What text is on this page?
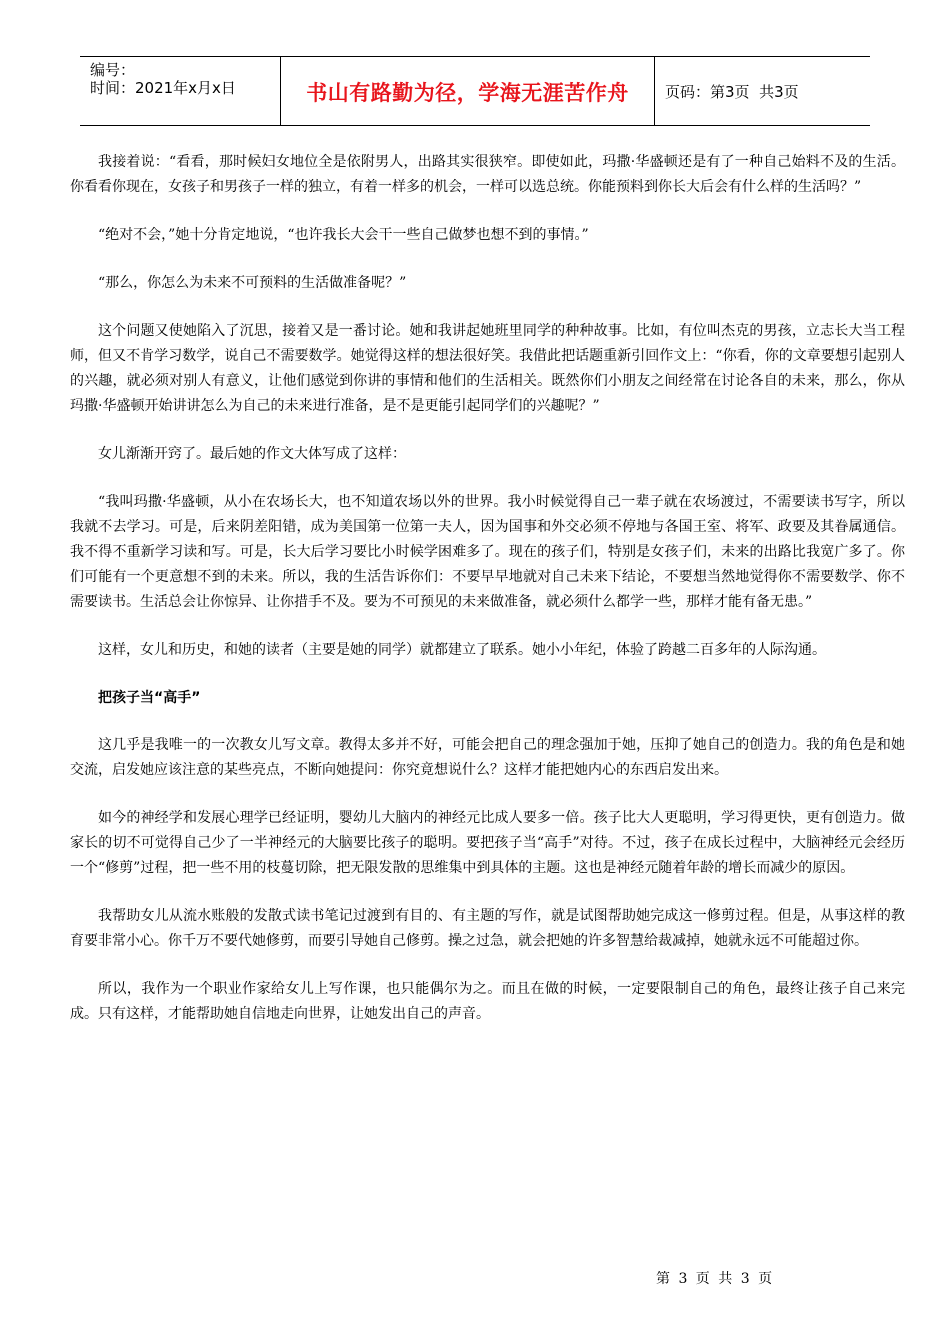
编号：
时间：2021年x月x日	书山有路勤为径，学海无涯苦作舟 页码：第3页  共3页

我接着说：“看看，那时候妇女地位全是依附男人，出路其实很狭窄。即使如此，玛撒·华盛顿还是有了一种自己始料不及的生活。你看看你现在，女孩子和男孩子一样的独立，有着一样多的机会，一样可以选总统。你能预料到你长大后会有什么样的生活吗？”

“绝对不会，”她十分肯定地说，“也许我长大会干一些自己做梦也想不到的事情。”

“那么，你怎么为未来不可预料的生活做准备呢？”

这个问题又使她陷入了沉思，接着又是一番讨论。她和我讲起她班里同学的种种故事。比如，有位叫杰克的男孩，立志长大当工程师，但又不肯学习数学，说自己不需要数学。她觉得这样的想法很好笑。我借此把话题重新引回作文上：“你看，你的文章要想引起别人的兴趣，就必须对别人有意义，让他们感觉到你讲的事情和他们的生活相关。既然你们小朋友之间经常在讨论各自的未来，那么，你从玛撒·华盛顿开始讲讲怎么为自己的未来进行准备，是不是更能引起同学们的兴趣呢？”

女儿渐渐开窍了。最后她的作文大体写成了这样：

“我叫玛撒·华盛顿，从小在农场长大，也不知道农场以外的世界。我小时候觉得自己一辈子就在农场渡过，不需要读书写字，所以我就不去学习。可是，后来阴差阳错，成为美国第一位第一夫人，因为国事和外交必须不停地与各国王室、将军、政要及其眷属通信。我不得不重新学习读和写。可是，长大后学习要比小时候学困难多了。现在的孩子们，特别是女孩子们，未来的出路比我宽广多了。你们可能有一个更意想不到的未来。所以，我的生活告诉你们：不要早早地就对自己未来下结论，不要想当然地觉得你不需要数学、你不需要读书。生活总会让你惊异、让你措手不及。要为不可预见的未来做准备，就必须什么都学一些，那样才能有备无患。”

这样，女儿和历史，和她的读者（主要是她的同学）就都建立了联系。她小小年纪，体验了跨越二百多年的人际沟通。

把孩子当“高手”

这几乎是我唯一的一次教女儿写文章。教得太多并不好，可能会把自己的理念强加于她，压抑了她自己的创造力。我的角色是和她交流，启发她应该注意的某些亮点，不断向她提问：你究竟想说什么？这样才能把她内心的东西启发出来。

如今的神经学和发展心理学已经证明，婴幼儿大脑内的神经元比成人要多一倍。孩子比大人更聪明，学习得更快，更有创造力。做家长的切不可觉得自己少了一半神经元的大脑要比孩子的聪明。要把孩子当“高手”对待。不过，孩子在成长过程中，大脑神经元会经历一个“修剪”过程，把一些不用的枝蔓切除，把无限发散的思维集中到具体的主题。这也是神经元随着年龄的增长而减少的原因。

我帮助女儿从流水账般的发散式读书笔记过渡到有目的、有主题的写作，就是试图帮助她完成这一修剪过程。但是，从事这样的教育要非常小心。你千万不要代她修剪，而要引导她自己修剪。操之过急，就会把她的许多智慧给裁减掉，她就永远不可能超过你。

所以，我作为一个职业作家给女儿上写作课，也只能偶尔为之。而且在做的时候，一定要限制自己的角色，最终让孩子自己来完成。只有这样，才能帮助她自信地走向世界，让她发出自己的声音。

第 3 页 共 3 页
